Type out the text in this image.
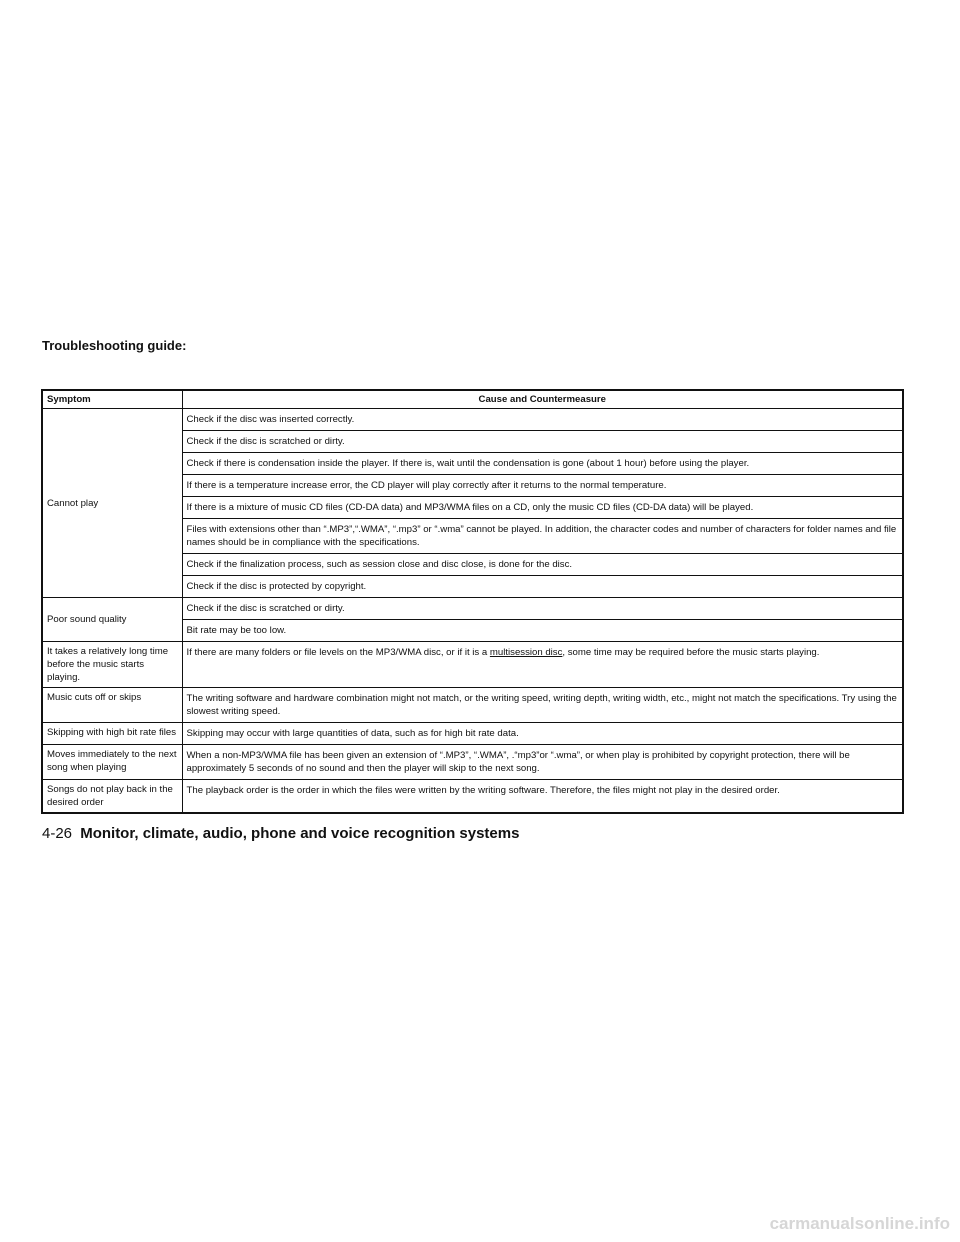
Troubleshooting guide:
Symptom	Cause and Countermeasure
Cannot play	Check if the disc was inserted correctly.
	Check if the disc is scratched or dirty.
	Check if there is condensation inside the player. If there is, wait until the condensation is gone (about 1 hour) before using the player.
	If there is a temperature increase error, the CD player will play correctly after it returns to the normal temperature.
	If there is a mixture of music CD files (CD-DA data) and MP3/WMA files on a CD, only the music CD files (CD-DA data) will be played.
	Files with extensions other than “.MP3”,“.WMA”, “.mp3” or “.wma” cannot be played. In addition, the character codes and number of characters for folder names and file names should be in compliance with the specifications.
	Check if the finalization process, such as session close and disc close, is done for the disc.
	Check if the disc is protected by copyright.
Poor sound quality	Check if the disc is scratched or dirty.
	Bit rate may be too low.
It takes a relatively long time before the music starts playing.	If there are many folders or file levels on the MP3/WMA disc, or if it is a multisession disc, some time may be required before the music starts playing.
Music cuts off or skips	The writing software and hardware combination might not match, or the writing speed, writing depth, writing width, etc., might not match the specifications. Try using the slowest writing speed.
Skipping with high bit rate files	Skipping may occur with large quantities of data, such as for high bit rate data.
Moves immediately to the next song when playing	When a non-MP3/WMA file has been given an extension of “.MP3”, “.WMA”, .“mp3”or “.wma”, or when play is prohibited by copyright protection, there will be approximately 5 seconds of no sound and then the player will skip to the next song.
Songs do not play back in the desired order	The playback order is the order in which the files were written by the writing software. Therefore, the files might not play in the desired order.
4-26 Monitor, climate, audio, phone and voice recognition systems
carmanualsonline.info
